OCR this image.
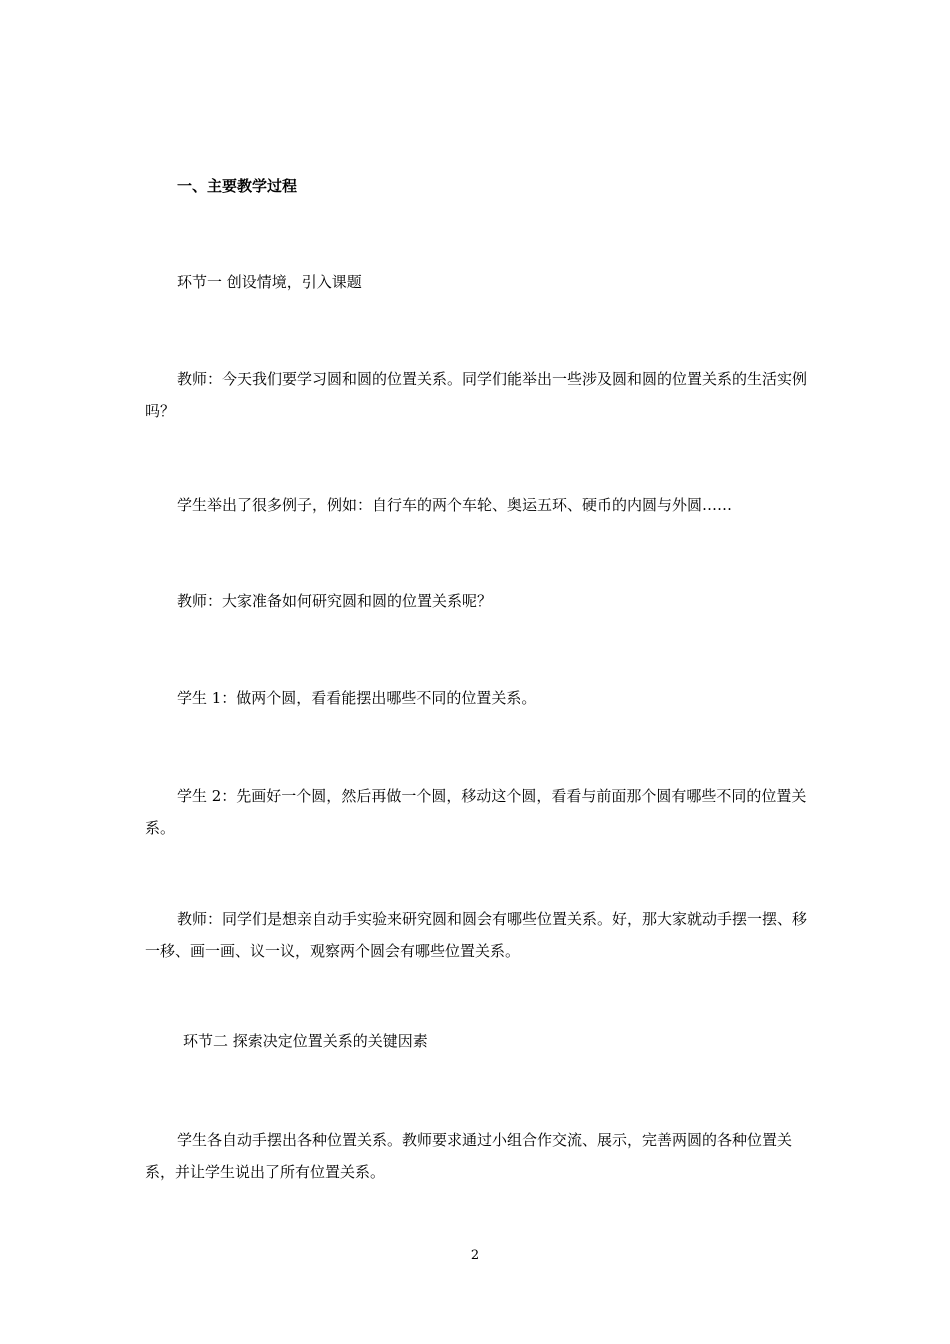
一、主要教学过程

环节一 创设情境，引入课题

教师：今天我们要学习圆和圆的位置关系。同学们能举出一些涉及圆和圆的位置关系的生活实例吗？

学生举出了很多例子，例如：自行车的两个车轮、奥运五环、硬币的内圆与外圆……

教师：大家准备如何研究圆和圆的位置关系呢？

学生 1：做两个圆，看看能摆出哪些不同的位置关系。

学生 2：先画好一个圆，然后再做一个圆，移动这个圆，看看与前面那个圆有哪些不同的位置关系。

教师：同学们是想亲自动手实验来研究圆和圆会有哪些位置关系。好，那大家就动手摆一摆、移一移、画一画、议一议，观察两个圆会有哪些位置关系。

环节二 探索决定位置关系的关键因素

学生各自动手摆出各种位置关系。教师要求通过小组合作交流、展示，完善两圆的各种位置关系，并让学生说出了所有位置关系。

2
